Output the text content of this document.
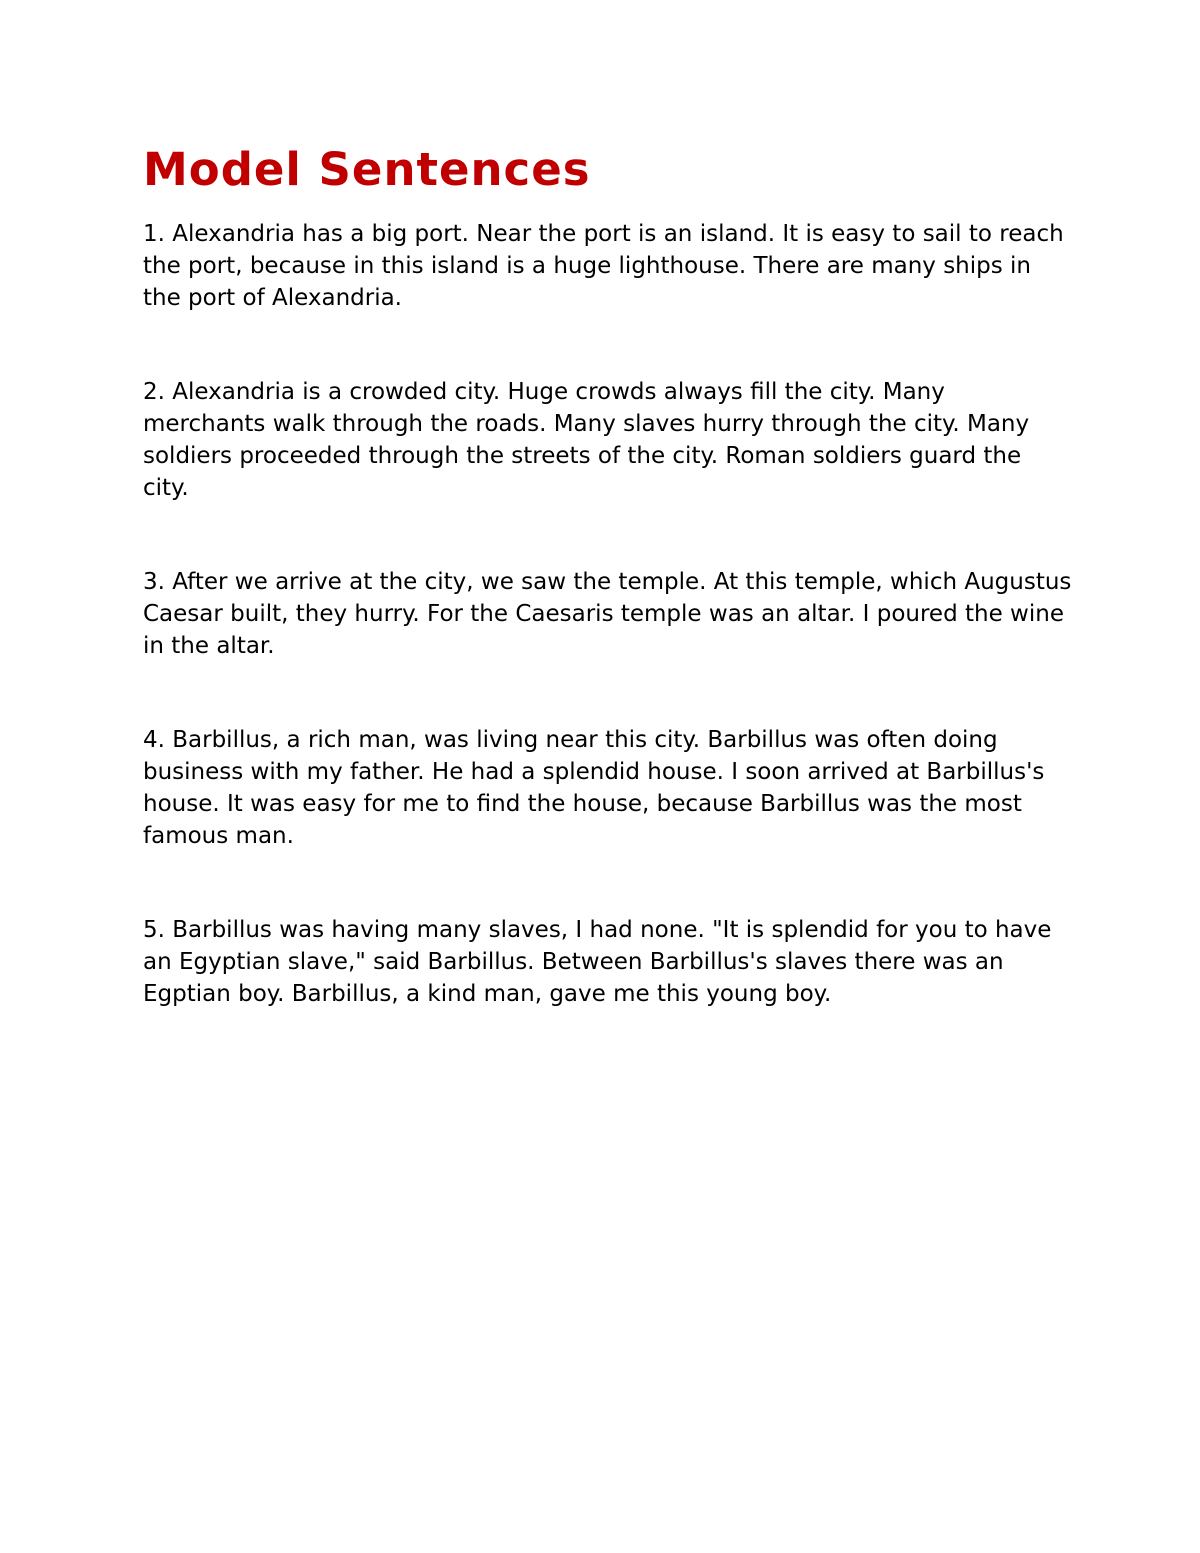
Model Sentences

1. Alexandria has a big port. Near the port is an island. It is easy to sail to reach the port, because in this island is a huge lighthouse. There are many ships in the port of Alexandria.

2. Alexandria is a crowded city. Huge crowds always fill the city. Many merchants walk through the roads. Many slaves hurry through the city. Many soldiers proceeded through the streets of the city. Roman soldiers guard the city.

3. After we arrive at the city, we saw the temple. At this temple, which Augustus Caesar built, they hurry. For the Caesaris temple was an altar. I poured the wine in the altar.

4. Barbillus, a rich man, was living near this city. Barbillus was often doing business with my father. He had a splendid house. I soon arrived at Barbillus's house. It was easy for me to find the house, because Barbillus was the most famous man.

5. Barbillus was having many slaves, I had none. "It is splendid for you to have an Egyptian slave," said Barbillus. Between Barbillus's slaves there was an Egptian boy. Barbillus, a kind man, gave me this young boy.
